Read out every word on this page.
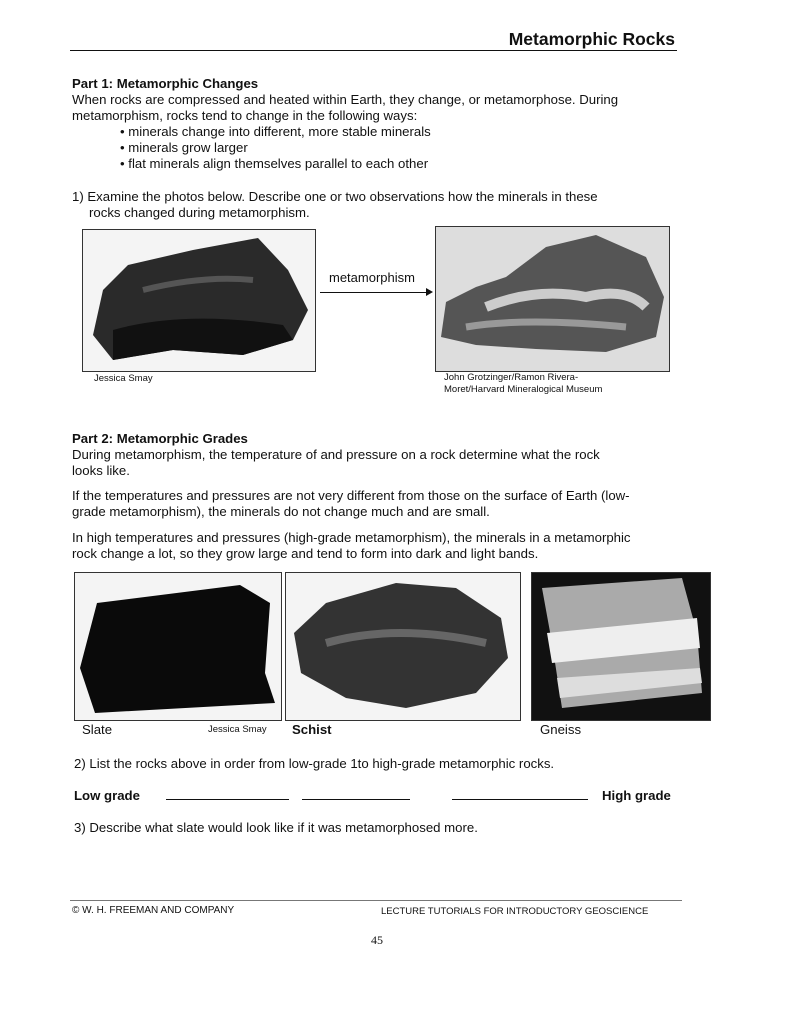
Metamorphic Rocks
Part 1: Metamorphic Changes
When rocks are compressed and heated within Earth, they change, or metamorphose. During
metamorphism, rocks tend to change in the following ways:
• minerals change into different, more stable minerals
• minerals grow larger
• flat minerals align themselves parallel to each other
1) Examine the photos below. Describe one or two observations how the minerals in these
rocks changed during metamorphism.
metamorphism
Jessica Smay	John Grotzinger/Ramon Rivera-
Moret/Harvard Mineralogical Museum
Part 2: Metamorphic Grades
During metamorphism, the temperature of and pressure on a rock determine what the rock
looks like.
If the temperatures and pressures are not very different from those on the surface of Earth (low-
grade metamorphism), the minerals do not change much and are small.
In high temperatures and pressures (high-grade metamorphism), the minerals in a metamorphic
rock change a lot, so they grow large and tend to form into dark and light bands.
Slate	Jessica Smay Schist	Gneiss
2) List the rocks above in order from low-grade 1to high-grade metamorphic rocks.
Low grade	High grade
3) Describe what slate would look like if it was metamorphosed more.
© W. H. FREEMAN AND COMPANY	LECTURE TUTORIALS FOR INTRODUCTORY GEOSCIENCE
45
